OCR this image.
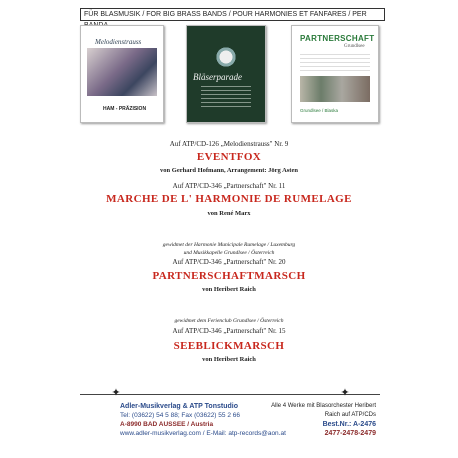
FÜR BLASMUSIK / FOR BIG BRASS BANDS / POUR HARMONIES ET FANFARES / PER
Melodienstrauss
HAM - PRÄZISION
Bläserparade
PARTNERSCHAFT
Grundlsee
Grundlsee / Blaska
Auf ATP/CD-126 „Melodienstrauss" Nr. 9
EVENTFOX
von Gerhard Hofmann, Arrangement: Jörg Asten
Auf ATP/CD-346 „Partnerschaft" Nr. 11
MARCHE DE L' HARMONIE DE RUMELAGE
von René Marx
gewidmet der Harmonie Municipale Rumelage / Luxemburg
und Musikkapelle Grundlsee / Österreich
Auf ATP/CD-346 „Partnerschaft" Nr. 20
PARTNERSCHAFTMARSCH
von Heribert Raich
gewidmet dem Ferienclub Grundlsee / Österreich
Auf ATP/CD-346 „Partnerschaft" Nr. 15
SEEBLICKMARSCH
von Heribert Raich
✦	✦
Adler-Musikverlag & ATP Tonstudio
Tel: (03622) 54 5 88; Fax (03622) 55 2 66
A-8990 BAD AUSSEE / Austria
www.adler-musikverlag.com / E-Mail: atp-records@aon.at
Alle 4 Werke mit Blasorchester Heribert
Raich auf ATP/CDs
Best.Nr.: A-2476
2477-2478-2479
